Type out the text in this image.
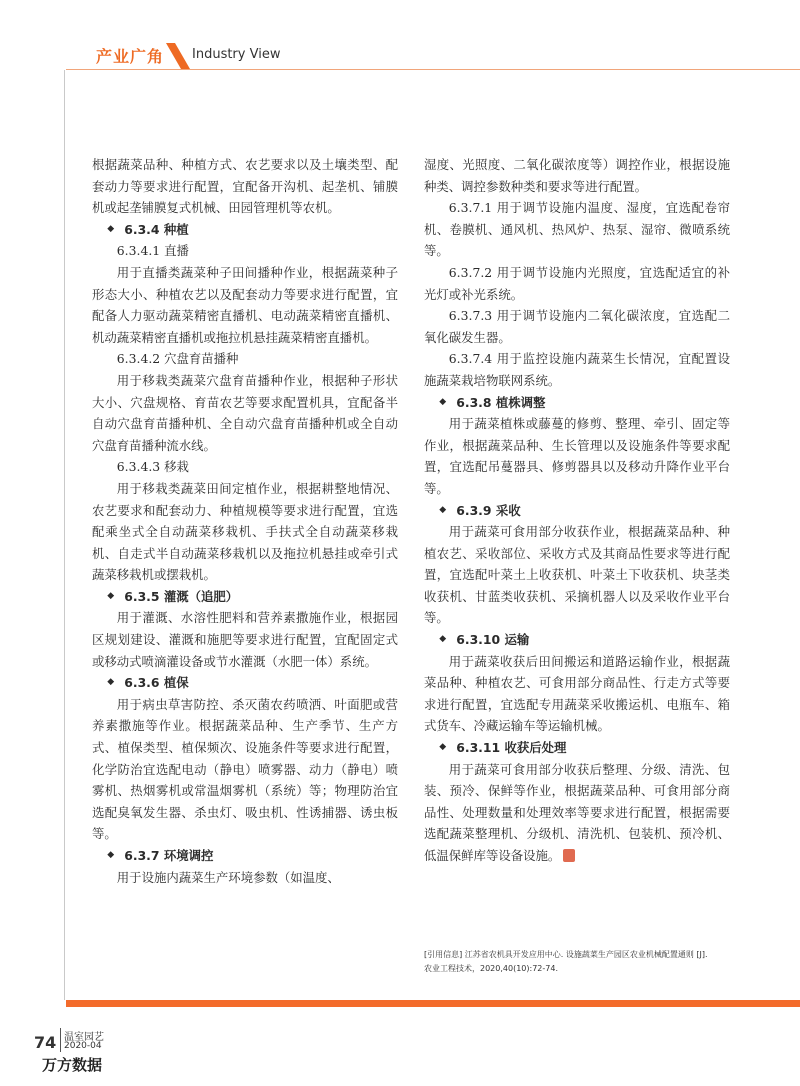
产业广角 Industry View

根据蔬菜品种、种植方式、农艺要求以及土壤类型、配套动力等要求进行配置，宜配备开沟机、起垄机、铺膜机或起垄铺膜复式机械、田园管理机等农机。

◆ 6.3.4 种植

6.3.4.1 直播

用于直播类蔬菜种子田间播种作业，根据蔬菜种子形态大小、种植农艺以及配套动力等要求进行配置，宜配备人力驱动蔬菜精密直播机、电动蔬菜精密直播机、机动蔬菜精密直播机或拖拉机悬挂蔬菜精密直播机。

6.3.4.2 穴盘育苗播种

用于移栽类蔬菜穴盘育苗播种作业，根据种子形状大小、穴盘规格、育苗农艺等要求配置机具，宜配备半自动穴盘育苗播种机、全自动穴盘育苗播种机或全自动穴盘育苗播种流水线。

6.3.4.3 移栽

用于移栽类蔬菜田间定植作业，根据耕整地情况、农艺要求和配套动力、种植规模等要求进行配置，宜选配乘坐式全自动蔬菜移栽机、手扶式全自动蔬菜移栽机、自走式半自动蔬菜移栽机以及拖拉机悬挂或牵引式蔬菜移栽机或摆栽机。

◆ 6.3.5 灌溉（追肥）

用于灌溉、水溶性肥料和营养素撒施作业，根据园区规划建设、灌溉和施肥等要求进行配置，宜配固定式或移动式喷滴灌设备或节水灌溉（水肥一体）系统。

◆ 6.3.6 植保

用于病虫草害防控、杀灭菌农药喷洒、叶面肥或营养素撒施等作业。根据蔬菜品种、生产季节、生产方式、植保类型、植保频次、设施条件等要求进行配置，化学防治宜选配电动（静电）喷雾器、动力（静电）喷雾机、热烟雾机或常温烟雾机（系统）等；物理防治宜选配臭氧发生器、杀虫灯、吸虫机、性诱捕器、诱虫板等。

◆ 6.3.7 环境调控

用于设施内蔬菜生产环境参数（如温度、

湿度、光照度、二氧化碳浓度等）调控作业，根据设施种类、调控参数种类和要求等进行配置。

6.3.7.1 用于调节设施内温度、湿度，宜选配卷帘机、卷膜机、通风机、热风炉、热泵、湿帘、微喷系统等。

6.3.7.2 用于调节设施内光照度，宜选配适宜的补光灯或补光系统。

6.3.7.3 用于调节设施内二氧化碳浓度，宜选配二氧化碳发生器。

6.3.7.4 用于监控设施内蔬菜生长情况，宜配置设施蔬菜栽培物联网系统。

◆ 6.3.8 植株调整

用于蔬菜植株或藤蔓的修剪、整理、牵引、固定等作业，根据蔬菜品种、生长管理以及设施条件等要求配置，宜选配吊蔓器具、修剪器具以及移动升降作业平台等。

◆ 6.3.9 采收

用于蔬菜可食用部分收获作业，根据蔬菜品种、种植农艺、采收部位、采收方式及其商品性要求等进行配置，宜选配叶菜土上收获机、叶菜土下收获机、块茎类收获机、甘蓝类收获机、采摘机器人以及采收作业平台等。

◆ 6.3.10 运输

用于蔬菜收获后田间搬运和道路运输作业，根据蔬菜品种、种植农艺、可食用部分商品性、行走方式等要求进行配置，宜选配专用蔬菜采收搬运机、电瓶车、箱式货车、冷藏运输车等运输机械。

◆ 6.3.11 收获后处理

用于蔬菜可食用部分收获后整理、分级、清洗、包装、预冷、保鲜等作业，根据蔬菜品种、可食用部分商品性、处理数量和处理效率等要求进行配置，根据需要选配蔬菜整理机、分级机、清洗机、包装机、预冷机、低温保鲜库等设备设施。

[引用信息] 江苏省农机具开发应用中心. 设施蔬菜生产园区农业机械配置通则 [J].
农业工程技术，2020,40(10):72-74.
74 温室园艺
2020-04
万方数据
